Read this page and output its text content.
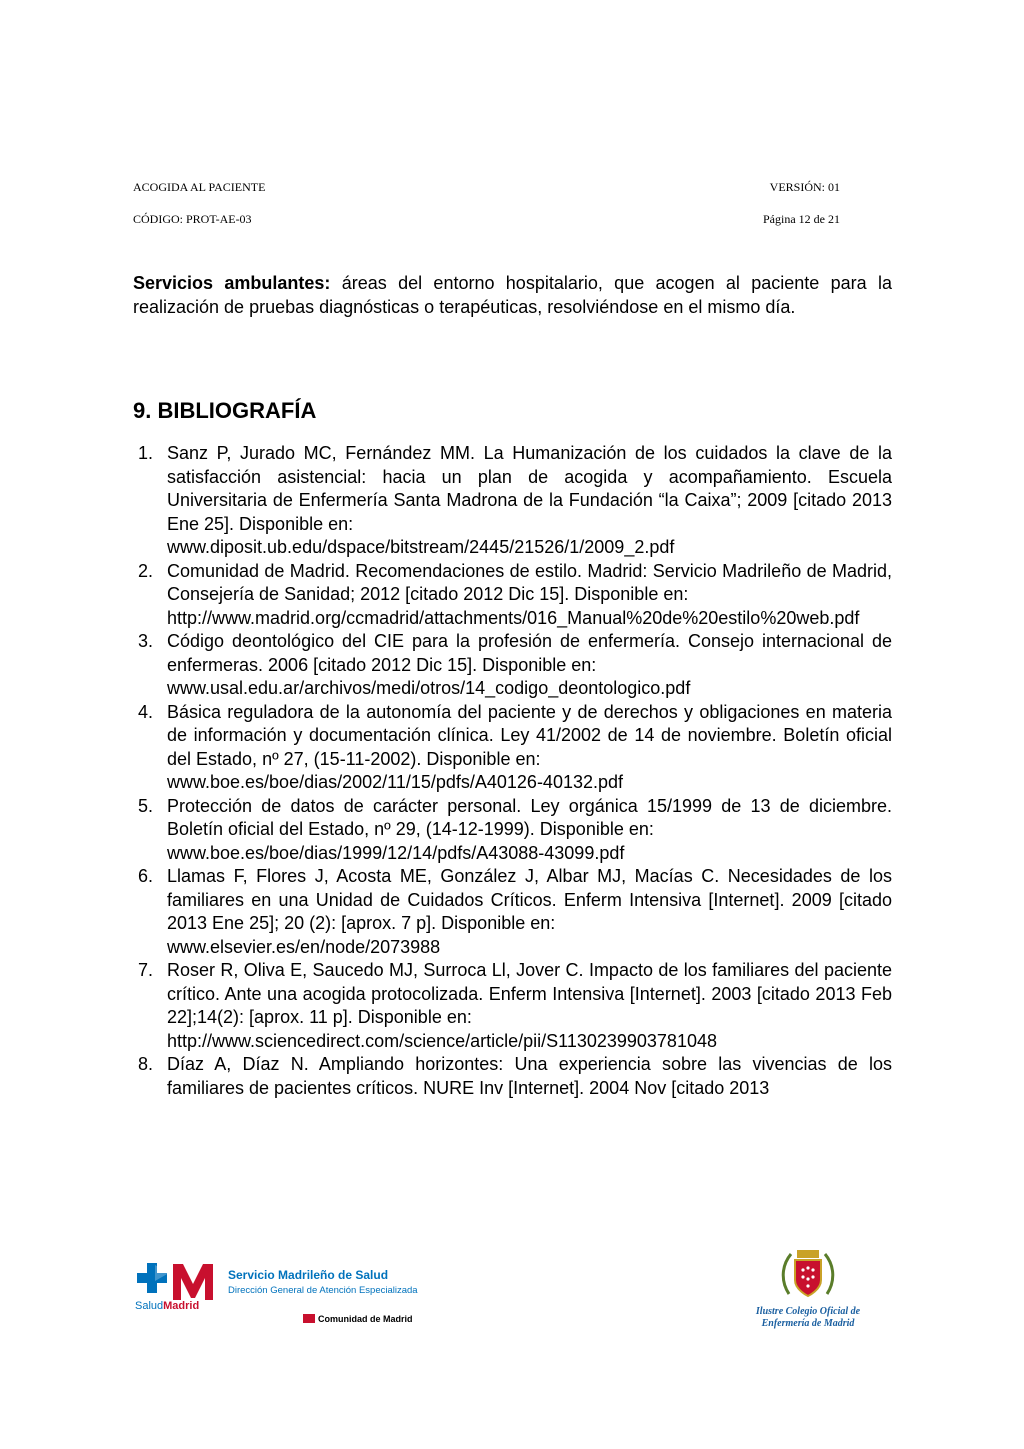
ACOGIDA AL PACIENTE	VERSIÓN: 01
CÓDIGO: PROT-AE-03	Página 12 de 21

Servicios ambulantes: áreas del entorno hospitalario, que acogen al paciente para la realización de pruebas diagnósticas o terapéuticas, resolviéndose en el mismo día.

9. BIBLIOGRAFÍA
1. Sanz P, Jurado MC, Fernández MM. La Humanización de los cuidados la clave de la satisfacción asistencial: hacia un plan de acogida y acompañamiento. Escuela Universitaria de Enfermería Santa Madrona de la Fundación “la Caixa”; 2009 [citado 2013 Ene 25]. Disponible en:
www.diposit.ub.edu/dspace/bitstream/2445/21526/1/2009_2.pdf
2. Comunidad de Madrid. Recomendaciones de estilo. Madrid: Servicio Madrileño de Madrid, Consejería de Sanidad; 2012 [citado 2012 Dic 15]. Disponible en:
http://www.madrid.org/ccmadrid/attachments/016_Manual%20de%20estilo%20web.pdf
3. Código deontológico del CIE para la profesión de enfermería. Consejo internacional de enfermeras. 2006 [citado 2012 Dic 15]. Disponible en:
www.usal.edu.ar/archivos/medi/otros/14_codigo_deontologico.pdf
4. Básica reguladora de la autonomía del paciente y de derechos y obligaciones en materia de información y documentación clínica. Ley 41/2002 de 14 de noviembre. Boletín oficial del Estado, nº 27, (15-11-2002). Disponible en:
www.boe.es/boe/dias/2002/11/15/pdfs/A40126-40132.pdf
5. Protección de datos de carácter personal. Ley orgánica 15/1999 de 13 de diciembre. Boletín oficial del Estado, nº 29, (14-12-1999). Disponible en:
www.boe.es/boe/dias/1999/12/14/pdfs/A43088-43099.pdf
6. Llamas F, Flores J, Acosta ME, González J, Albar MJ, Macías C. Necesidades de los familiares en una Unidad de Cuidados Críticos. Enferm Intensiva [Internet]. 2009 [citado 2013 Ene 25]; 20 (2): [aprox. 7 p]. Disponible en:
www.elsevier.es/en/node/2073988
7. Roser R, Oliva E, Saucedo MJ, Surroca Ll, Jover C. Impacto de los familiares del paciente crítico. Ante una acogida protocolizada. Enferm Intensiva [Internet]. 2003 [citado 2013 Feb 22];14(2): [aprox. 11 p]. Disponible en:
http://www.sciencedirect.com/science/article/pii/S1130239903781048
8. Díaz A, Díaz N. Ampliando horizontes: Una experiencia sobre las vivencias de los familiares de pacientes críticos. NURE Inv [Internet]. 2004 Nov [citado 2013
SaludMadrid
Servicio Madrileño de Salud
Dirección General de Atención Especializada
Comunidad de Madrid
Ilustre Colegio Oficial de
Enfermería de Madrid
